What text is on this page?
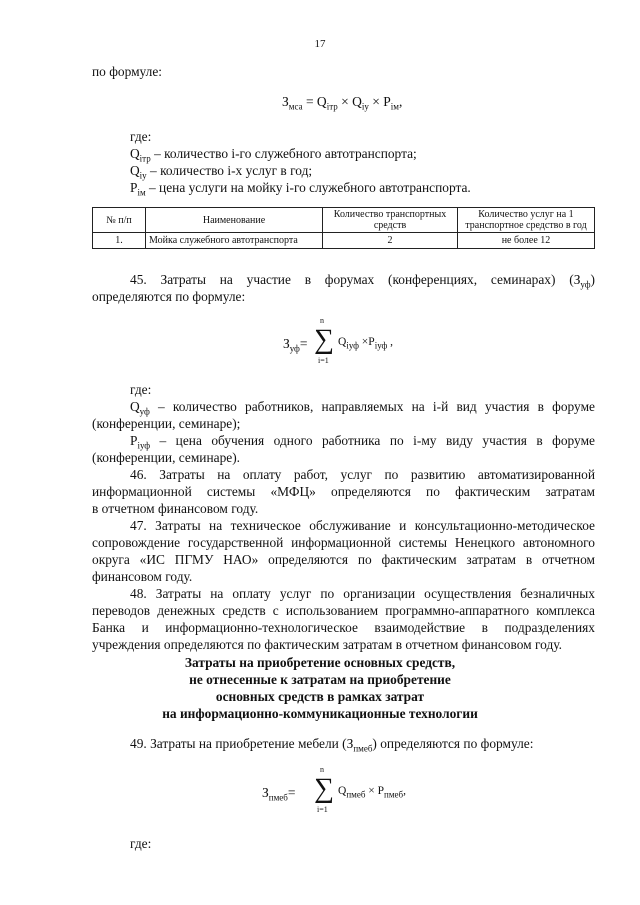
17
по формуле:
$З_{мса} = Q_{iтр} \times Q_{iу} \times P_{iм}$,
где:
$Q_{iтр}$ – количество i-го служебного автотранспорта;
$Q_{iу}$ – количество i-х услуг в год;
$P_{iм}$ – цена услуги на мойку i-го служебного автотранспорта.
№ п/п	Наименование	Количество транспортных средств	Количество услуг на 1 транспортное средство в год
1.	Мойка служебного автотранспорта	2	не более 12
45. Затраты на участие в форумах (конференциях, семинарах) $(З_{уф})$
определяются по формуле:
$З_{уф}=$
n
∑
i=1
$Q_{iуф} \times P_{iуф}$ ,
где:
$Q_{уф}$ – количество работников, направляемых на i-й вид участия в форуме
(конференции, семинаре);
$P_{iуф}$ – цена обучения одного работника по i-му виду участия в форуме
(конференции, семинаре).
46. Затраты на оплату работ, услуг по развитию автоматизированной
информационной системы «МФЦ» определяются по фактическим затратам
в отчетном финансовом году.
47. Затраты на техническое обслуживание и консультационно-методическое
сопровождение государственной информационной системы Ненецкого автономного
округа «ИС ПГМУ НАО» определяются по фактическим затратам в отчетном
финансовом году.
48. Затраты на оплату услуг по организации осуществления безналичных
переводов денежных средств с использованием программно-аппаратного комплекса
Банка и информационно-технологическое взаимодействие в подразделениях
учреждения определяются по фактическим затратам в отчетном финансовом году.
Затраты на приобретение основных средств,
не отнесенные к затратам на приобретение
основных средств в рамках затрат
на информационно-коммуникационные технологии
49. Затраты на приобретение мебели $(З_{пмеб})$ определяются по формуле:
$З_{пмеб}=$
n
∑
i=1
$Q_{пмеб} \times P_{пмеб}$,
где:
